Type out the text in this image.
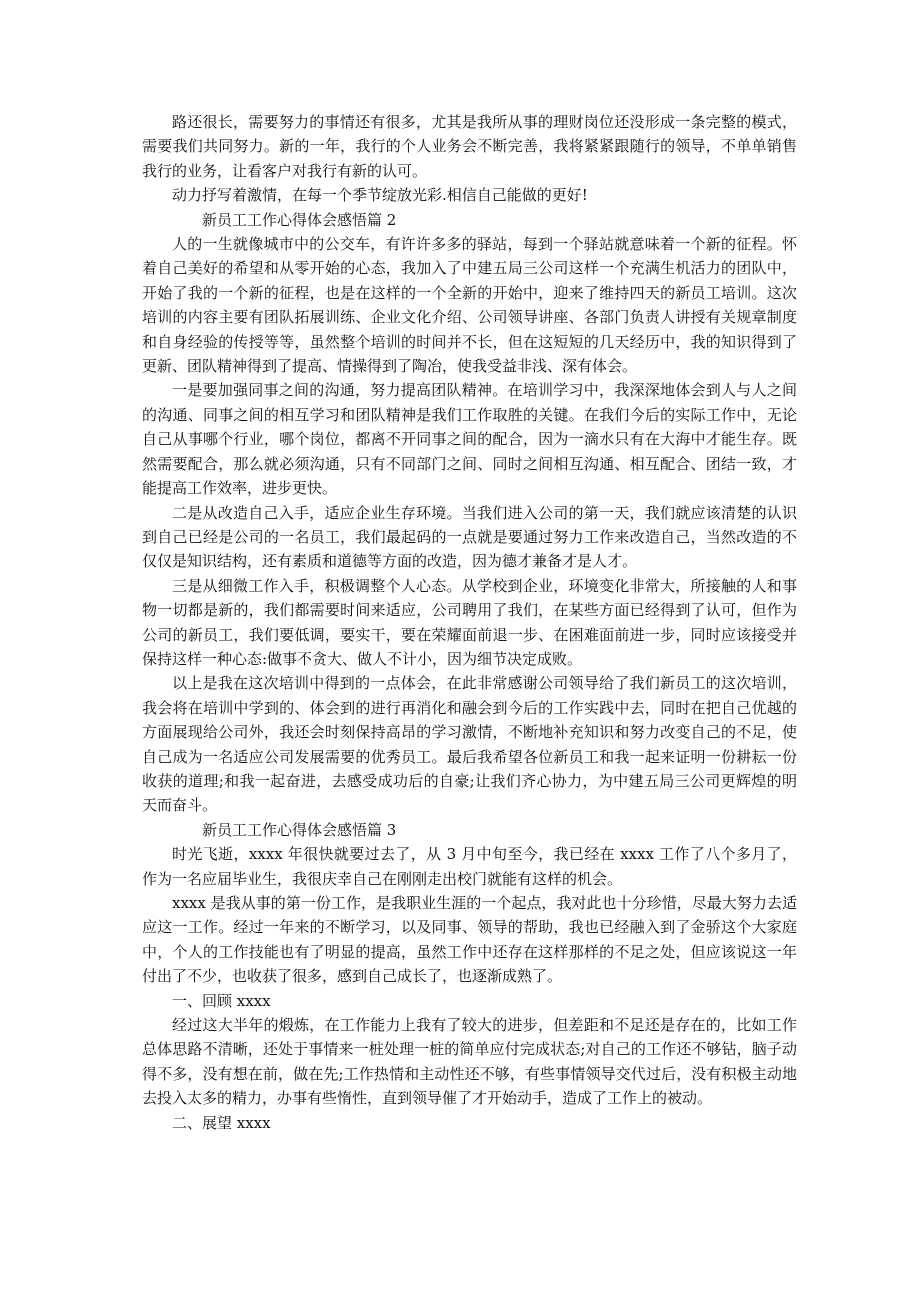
路还很长，需要努力的事情还有很多，尤其是我所从事的理财岗位还没形成一条完整的模式，需要我们共同努力。新的一年，我行的个人业务会不断完善，我将紧紧跟随行的领导，不单单销售我行的业务，让看客户对我行有新的认可。

动力抒写着激情，在每一个季节绽放光彩.相信自己能做的更好!

新员工工作心得体会感悟篇 2

人的一生就像城市中的公交车，有许许多多的驿站，每到一个驿站就意味着一个新的征程。怀着自己美好的希望和从零开始的心态，我加入了中建五局三公司这样一个充满生机活力的团队中，开始了我的一个新的征程，也是在这样的一个全新的开始中，迎来了维持四天的新员工培训。这次培训的内容主要有团队拓展训练、企业文化介绍、公司领导讲座、各部门负责人讲授有关规章制度和自身经验的传授等等，虽然整个培训的时间并不长，但在这短短的几天经历中，我的知识得到了更新、团队精神得到了提高、情操得到了陶冶，使我受益非浅、深有体会。

一是要加强同事之间的沟通，努力提高团队精神。在培训学习中，我深深地体会到人与人之间的沟通、同事之间的相互学习和团队精神是我们工作取胜的关键。在我们今后的实际工作中，无论自己从事哪个行业，哪个岗位，都离不开同事之间的配合，因为一滴水只有在大海中才能生存。既然需要配合，那么就必须沟通，只有不同部门之间、同时之间相互沟通、相互配合、团结一致，才能提高工作效率，进步更快。

二是从改造自己入手，适应企业生存环境。当我们进入公司的第一天，我们就应该清楚的认识到自己已经是公司的一名员工，我们最起码的一点就是要通过努力工作来改造自己，当然改造的不仅仅是知识结构，还有素质和道德等方面的改造，因为德才兼备才是人才。

三是从细微工作入手，积极调整个人心态。从学校到企业，环境变化非常大，所接触的人和事物一切都是新的，我们都需要时间来适应，公司聘用了我们，在某些方面已经得到了认可，但作为公司的新员工，我们要低调，要实干，要在荣耀面前退一步、在困难面前进一步，同时应该接受并保持这样一种心态:做事不贪大、做人不计小，因为细节决定成败。

以上是我在这次培训中得到的一点体会，在此非常感谢公司领导给了我们新员工的这次培训，我会将在培训中学到的、体会到的进行再消化和融会到今后的工作实践中去，同时在把自己优越的方面展现给公司外，我还会时刻保持高昂的学习激情，不断地补充知识和努力改变自己的不足，使自己成为一名适应公司发展需要的优秀员工。最后我希望各位新员工和我一起来证明一份耕耘一份收获的道理;和我一起奋进，去感受成功后的自豪;让我们齐心协力，为中建五局三公司更辉煌的明天而奋斗。

新员工工作心得体会感悟篇 3

时光飞逝，xxxx 年很快就要过去了，从 3 月中旬至今，我已经在 xxxx 工作了八个多月了，作为一名应届毕业生，我很庆幸自己在刚刚走出校门就能有这样的机会。

xxxx 是我从事的第一份工作，是我职业生涯的一个起点，我对此也十分珍惜，尽最大努力去适应这一工作。经过一年来的不断学习，以及同事、领导的帮助，我也已经融入到了金骄这个大家庭中，个人的工作技能也有了明显的提高，虽然工作中还存在这样那样的不足之处，但应该说这一年付出了不少，也收获了很多，感到自己成长了，也逐渐成熟了。

一、回顾 xxxx

经过这大半年的煅炼，在工作能力上我有了较大的进步，但差距和不足还是存在的，比如工作总体思路不清晰，还处于事情来一桩处理一桩的简单应付完成状态;对自己的工作还不够钻，脑子动得不多，没有想在前，做在先;工作热情和主动性还不够，有些事情领导交代过后，没有积极主动地去投入太多的精力，办事有些惰性，直到领导催了才开始动手，造成了工作上的被动。

二、展望 xxxx
